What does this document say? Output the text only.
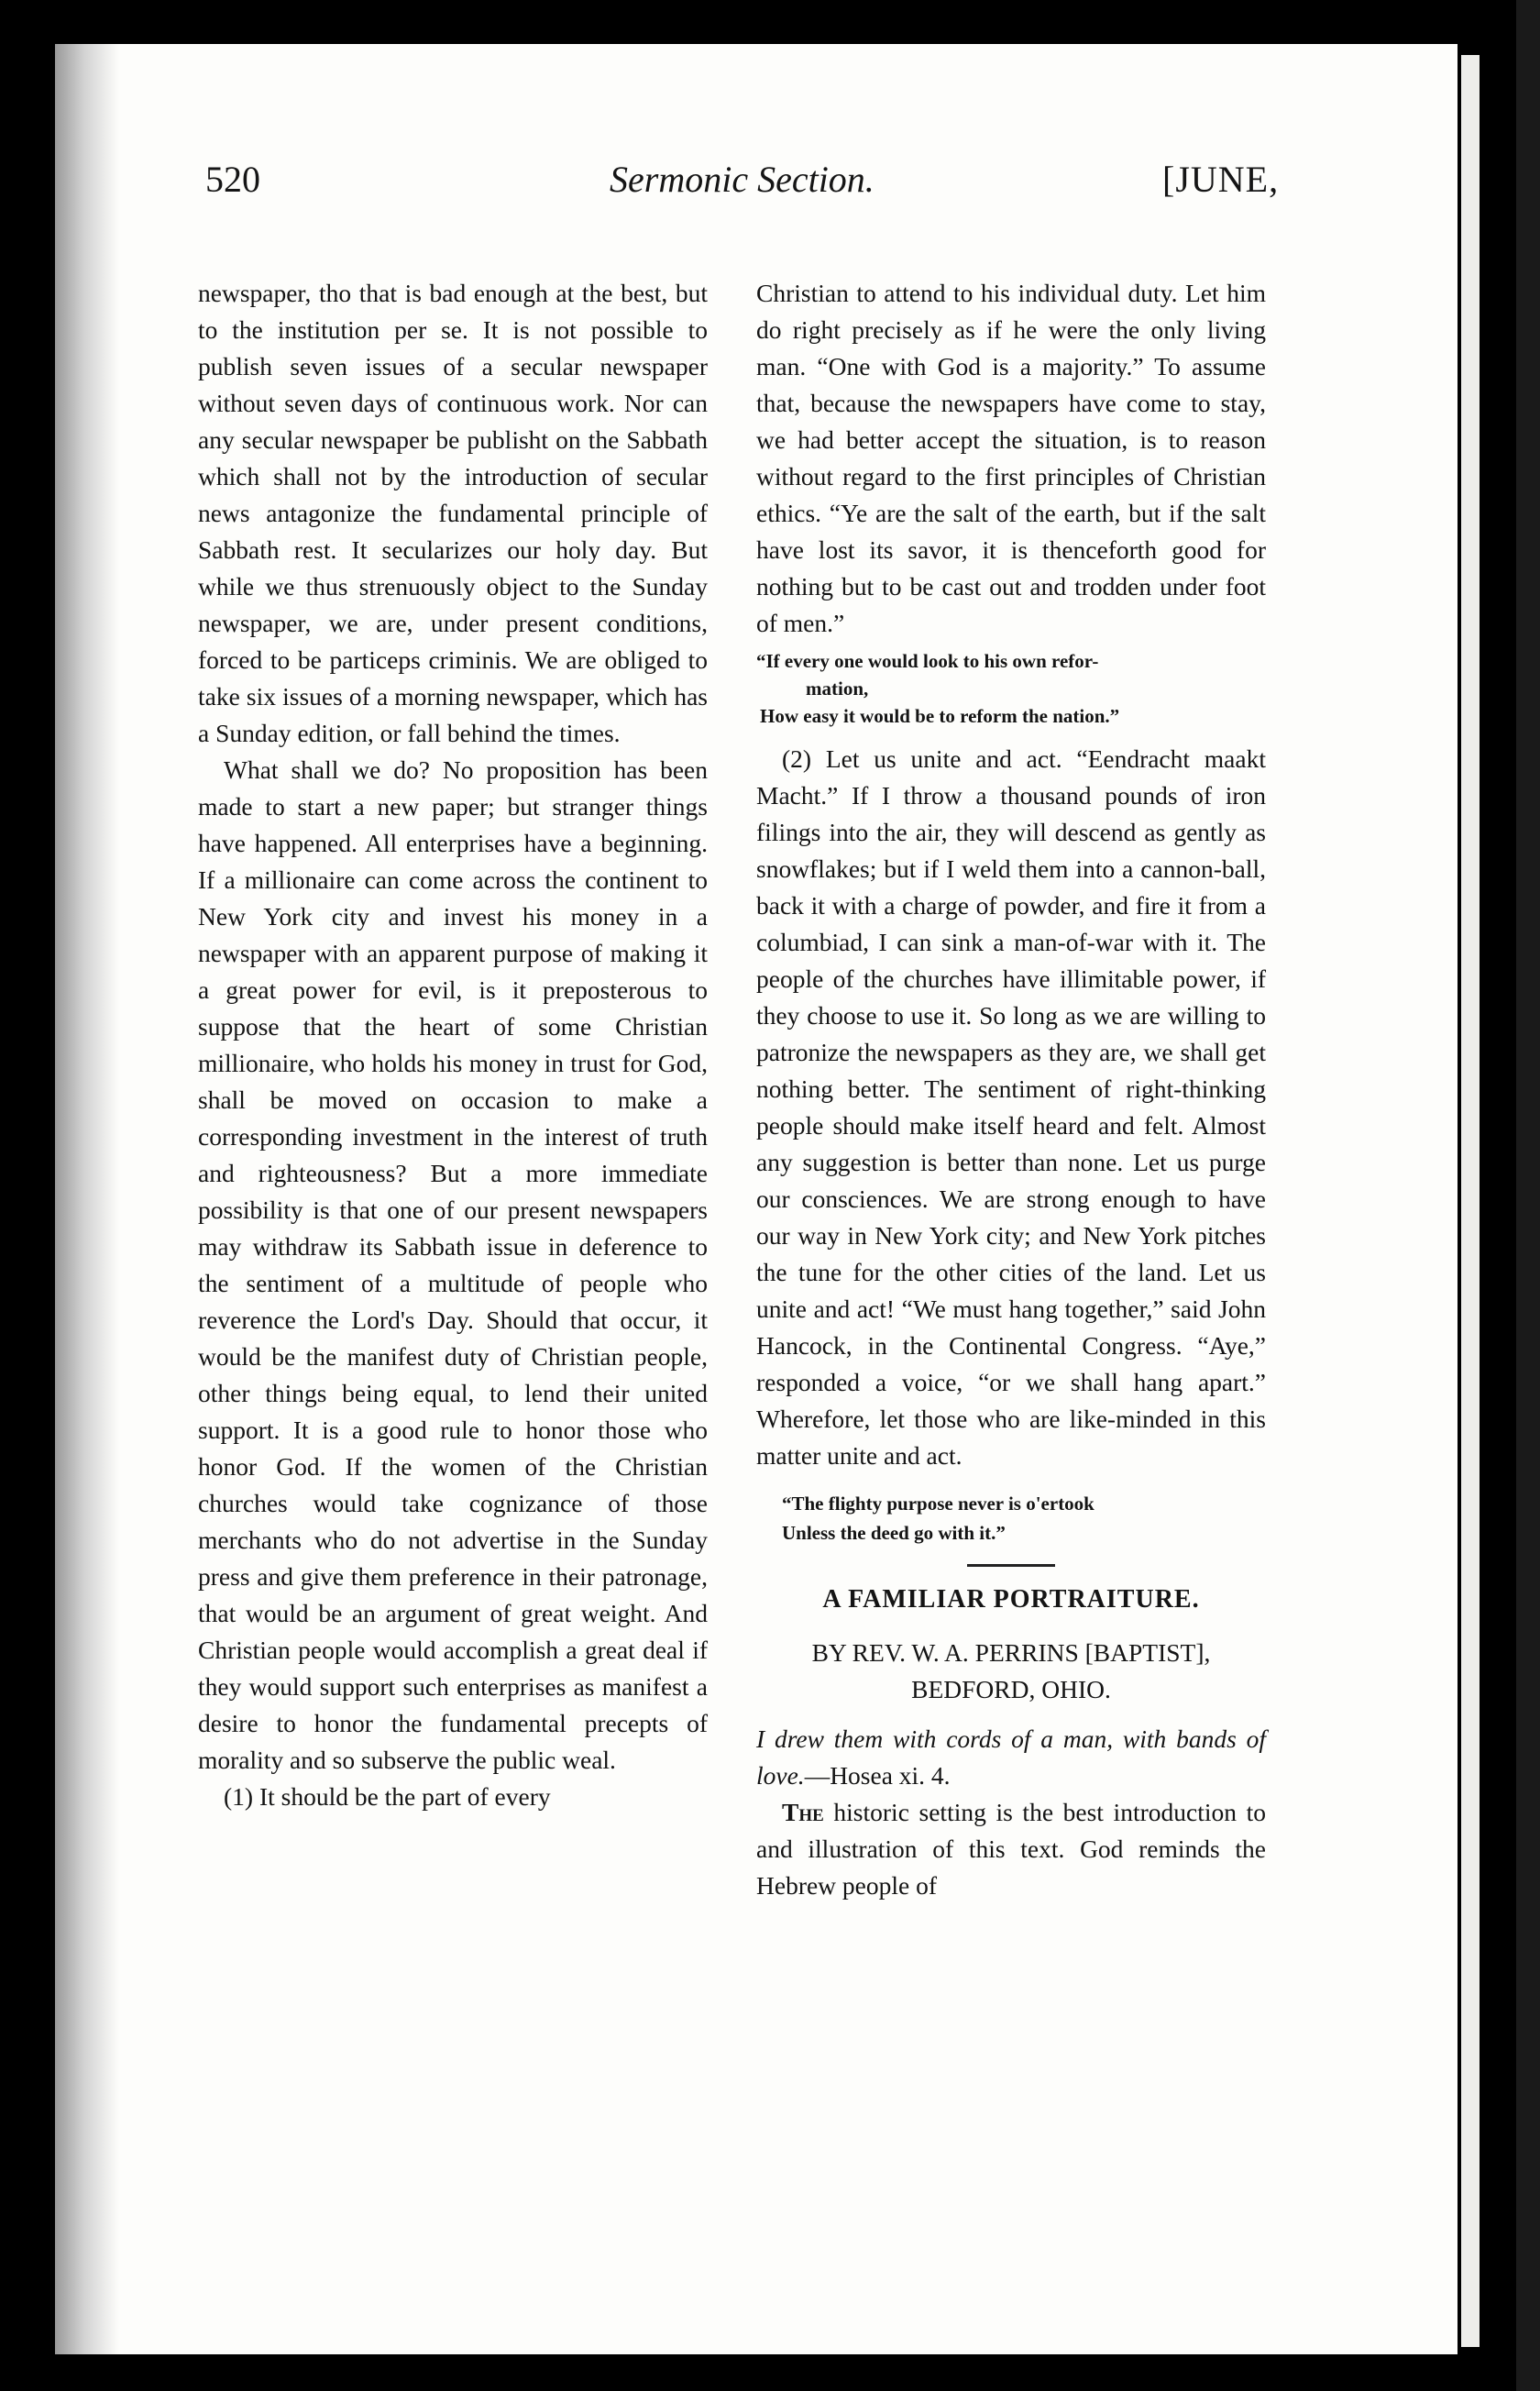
520	Sermonic Section.	[JUNE,

newspaper, tho that is bad enough at the best, but to the institution per se. It is not possible to publish seven issues of a secular newspaper without seven days of continuous work. Nor can any secular newspaper be publisht on the Sabbath which shall not by the introduction of secular news antagonize the fundamental principle of Sabbath rest. It secularizes our holy day. But while we thus strenuously object to the Sunday newspaper, we are, under present conditions, forced to be particeps criminis. We are obliged to take six issues of a morning newspaper, which has a Sunday edition, or fall behind the times.

What shall we do? No proposition has been made to start a new paper; but stranger things have happened. All enterprises have a beginning. If a millionaire can come across the continent to New York city and invest his money in a newspaper with an apparent purpose of making it a great power for evil, is it preposterous to suppose that the heart of some Christian millionaire, who holds his money in trust for God, shall be moved on occasion to make a corresponding investment in the interest of truth and righteousness? But a more immediate possibility is that one of our present newspapers may withdraw its Sabbath issue in deference to the sentiment of a multitude of people who reverence the Lord's Day. Should that occur, it would be the manifest duty of Christian people, other things being equal, to lend their united support. It is a good rule to honor those who honor God. If the women of the Christian churches would take cognizance of those merchants who do not advertise in the Sunday press and give them preference in their patronage, that would be an argument of great weight. And Christian people would accomplish a great deal if they would support such enterprises as manifest a desire to honor the fundamental precepts of morality and so subserve the public weal.

(1) It should be the part of every

Christian to attend to his individual duty. Let him do right precisely as if he were the only living man. “One with God is a majority.” To assume that, because the newspapers have come to stay, we had better accept the situation, is to reason without regard to the first principles of Christian ethics. “Ye are the salt of the earth, but if the salt have lost its savor, it is thenceforth good for nothing but to be cast out and trodden under foot of men.”

“If every one would look to his own refor-
mation,
How easy it would be to reform the nation.”

(2) Let us unite and act. “Eendracht maakt Macht.” If I throw a thousand pounds of iron filings into the air, they will descend as gently as snowflakes; but if I weld them into a cannon-ball, back it with a charge of powder, and fire it from a columbiad, I can sink a man-of-war with it. The people of the churches have illimitable power, if they choose to use it. So long as we are willing to patronize the newspapers as they are, we shall get nothing better. The sentiment of right-thinking people should make itself heard and felt. Almost any suggestion is better than none. Let us purge our consciences. We are strong enough to have our way in New York city; and New York pitches the tune for the other cities of the land. Let us unite and act! “We must hang together,” said John Hancock, in the Continental Congress. “Aye,” responded a voice, “or we shall hang apart.” Wherefore, let those who are like-minded in this matter unite and act.

“The flighty purpose never is o'ertook
Unless the deed go with it.”
A FAMILIAR PORTRAITURE.
BY REV. W. A. PERRINS [BAPTIST],
BEDFORD, OHIO.

I drew them with cords of a man, with bands of love.—Hosea xi. 4.

The historic setting is the best introduction to and illustration of this text. God reminds the Hebrew people of
